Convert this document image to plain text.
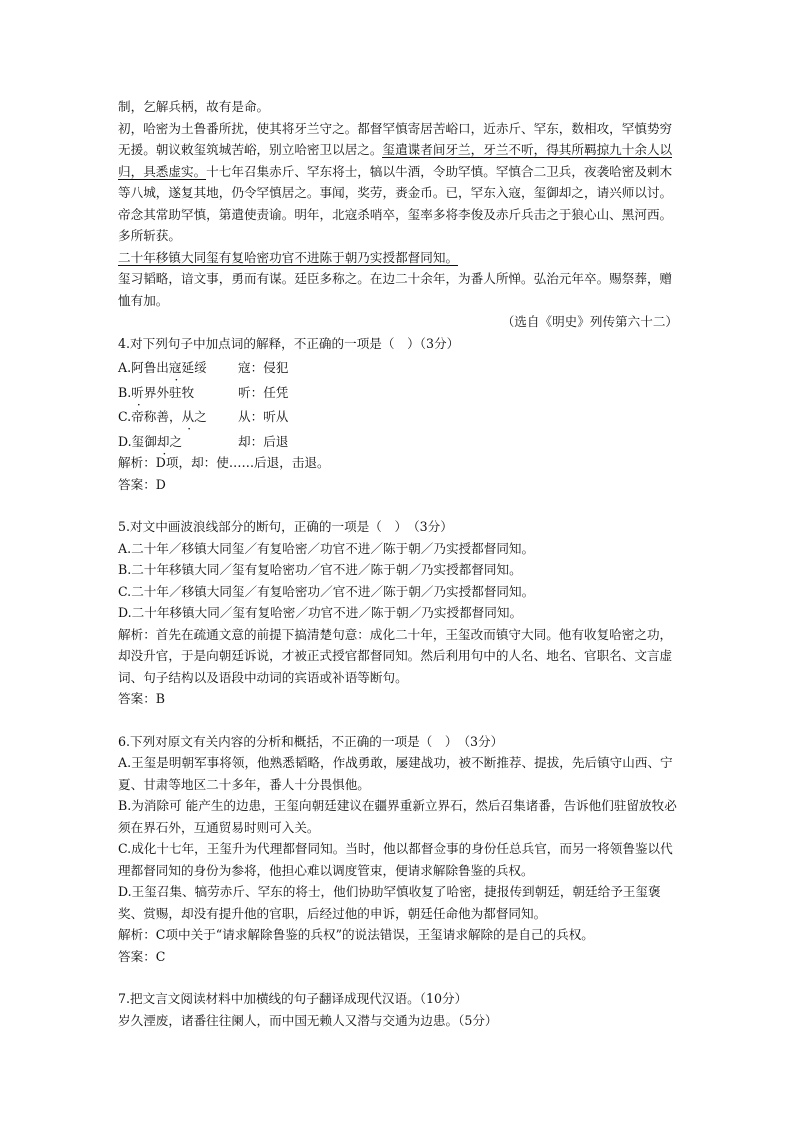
制，乞解兵柄，故有是命。

初，哈密为土鲁番所扰，使其将牙兰守之。都督罕慎寄居苦峪口，近赤斤、罕东，数相攻，罕慎势穷无援。朝议敕玺筑城苦峪，别立哈密卫以居之。玺遣谍者间牙兰，牙兰不听，得其所羁掠九十余人以归，具悉虚实。十七年召集赤斤、罕东将士，犒以牛酒，令助罕慎。罕慎合二卫兵，夜袭哈密及剌木等八城，遂复其地，仍令罕慎居之。事闻，奖劳，赉金币。已，罕东入寇，玺御却之，请兴师以讨。帝念其常助罕慎，第遣使责谕。明年，北寇杀哨卒，玺率多将李俊及赤斤兵击之于狼心山、黑河西。多所斩获。

二十年移镇大同玺有复哈密功官不进陈于朝乃实授都督同知。

玺习韬略，谙文事，勇而有谋。廷臣多称之。在边二十余年，为番人所惮。弘治元年卒。赐祭葬，赠恤有加。

（选自《明史》列传第六十二）

4.对下列句子中加点词的解释，不正确的一项是（　）（3分）

A.阿鲁出寇延绥	寇：侵犯
B.听界外驻牧	听：任凭
C.帝称善，从之	从：听从
D.玺御却之	却：后退

解析：D项，却：使……后退，击退。

答案：D

5.对文中画波浪线部分的断句，正确的一项是（　）　（3分）

A.二十年／移镇大同玺／有复哈密／功官不进／陈于朝／乃实授都督同知。

B.二十年移镇大同／玺有复哈密功／官不进／陈于朝／乃实授都督同知。

C.二十年／移镇大同玺／有复哈密功／官不进／陈于朝／乃实授都督同知。

D.二十年移镇大同／玺有复哈密／功官不进／陈于朝／乃实授都督同知。

解析：首先在疏通文意的前提下搞清楚句意：成化二十年，王玺改而镇守大同。他有收复哈密之功，却没升官，于是向朝廷诉说，才被正式授官都督同知。然后利用句中的人名、地名、官职名、文言虚词、句子结构以及语段中动词的宾语或补语等断句。

答案：B

6.下列对原文有关内容的分析和概括，不正确的一项是（　）　（3分）

A.王玺是明朝军事将领，他熟悉韬略，作战勇敢，屡建战功，被不断推荐、提拔，先后镇守山西、宁夏、甘肃等地区二十多年，番人十分畏惧他。

B.为消除可 能产生的边患，王玺向朝廷建议在疆界重新立界石，然后召集诸番，告诉他们驻留放牧必须在界石外，互通贸易时则可入关。

C.成化十七年，王玺升为代理都督同知。当时，他以都督佥事的身份任总兵官，而另一将领鲁鉴以代理都督同知的身份为参将，他担心难以调度管束，便请求解除鲁鉴的兵权。

D.王玺召集、犒劳赤斤、罕东的将士，他们协助罕慎收复了哈密，捷报传到朝廷，朝廷给予王玺褒奖、赏赐，却没有提升他的官职，后经过他的申诉，朝廷任命他为都督同知。

解析：C项中关于“请求解除鲁鉴的兵权”的说法错误，王玺请求解除的是自己的兵权。

答案：C

7.把文言文阅读材料中加横线的句子翻译成现代汉语。（10分）

岁久湮废，诸番往往阑人，而中国无赖人又潜与交通为边患。（5分）
